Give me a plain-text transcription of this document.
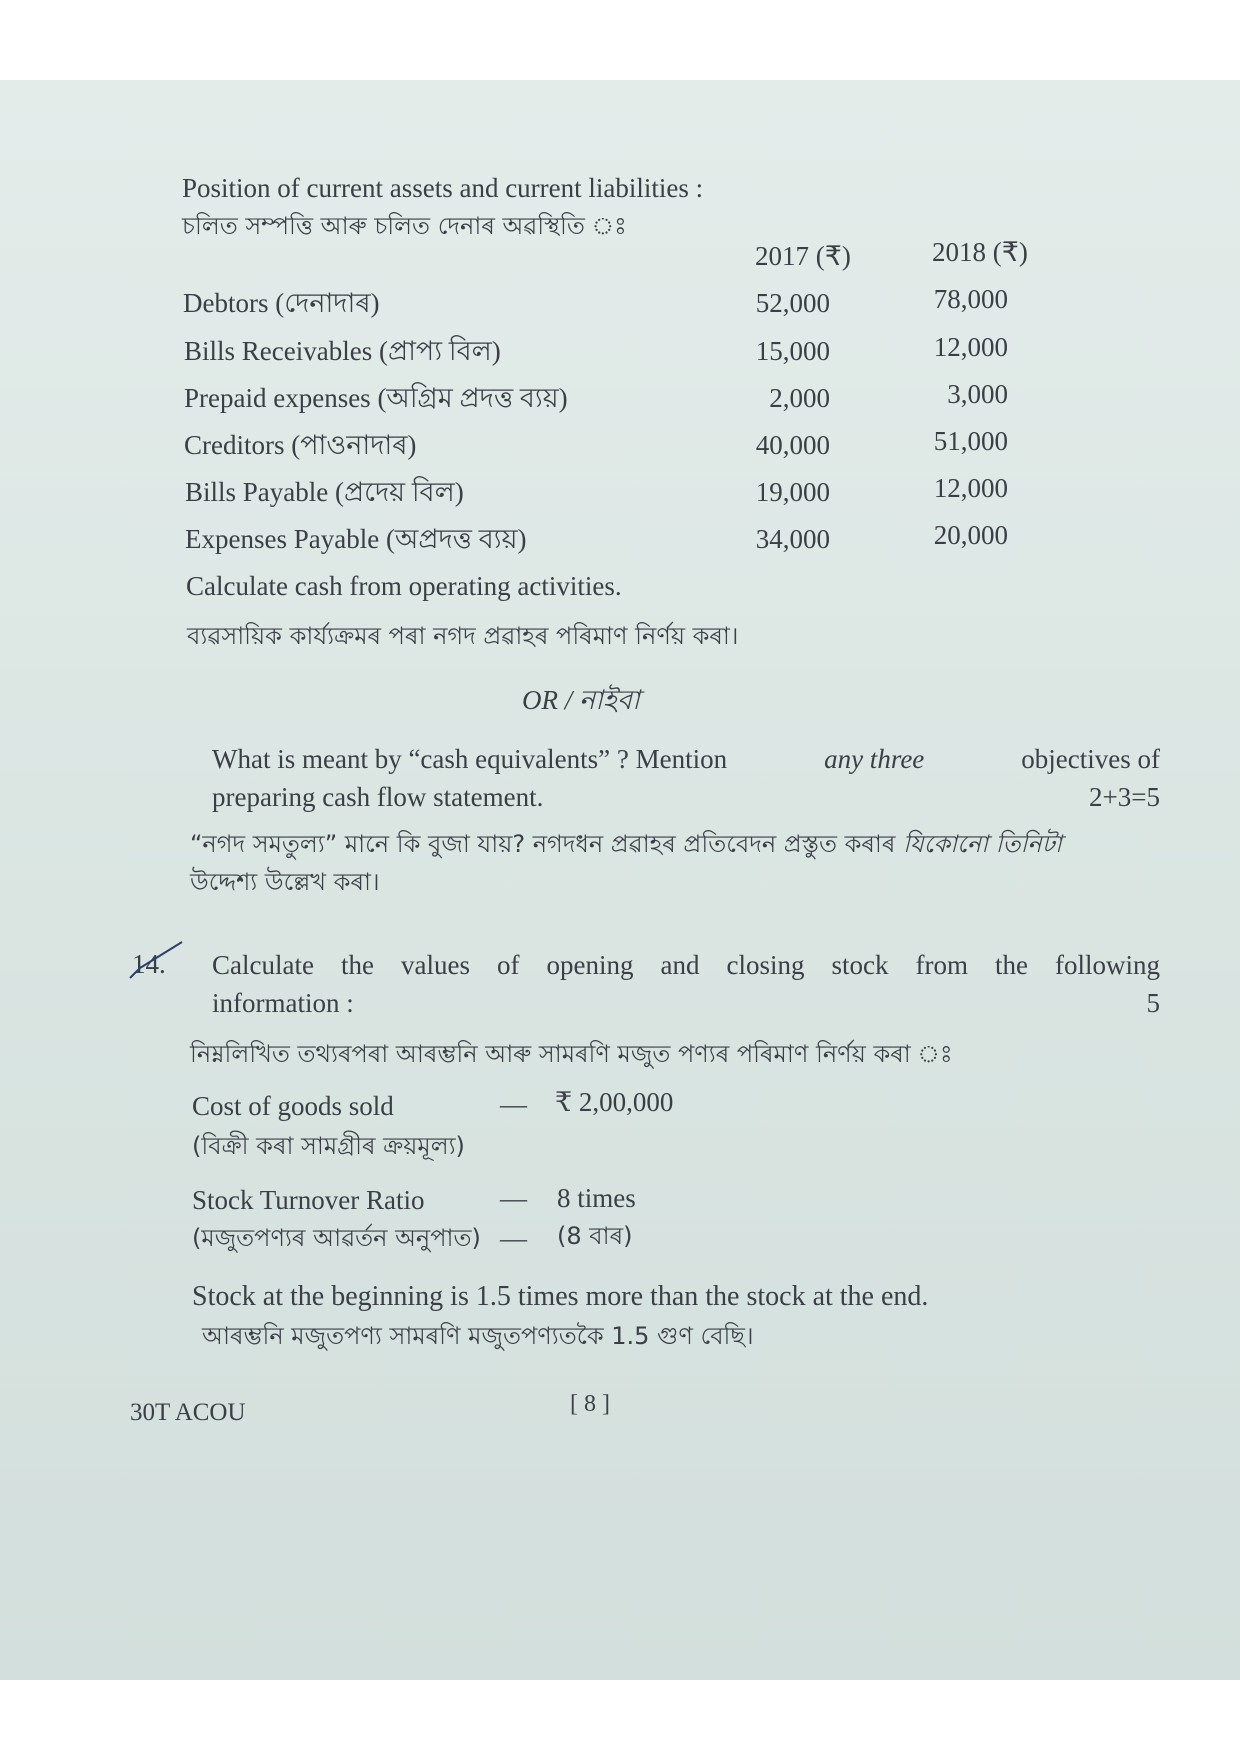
Position of current assets and current liabilities :
চলিত সম্পত্তি আৰু চলিত দেনাৰ অৱস্থিতি ঃ
2017 (₹)	2018 (₹)
Debtors (দেনাদাৰ)	52,000	78,000
Bills Receivables (প্ৰাপ্য বিল)	15,000	12,000
Prepaid expenses (অগ্ৰিম প্ৰদত্ত ব্যয়)	2,000	3,000
Creditors (পাওনাদাৰ)	40,000	51,000
Bills Payable (প্ৰদেয় বিল)	19,000	12,000
Expenses Payable (অপ্ৰদত্ত ব্যয়)	34,000	20,000
Calculate cash from operating activities.
ব্যৱসায়িক কাৰ্য্যক্ৰমৰ পৰা নগদ প্ৰৱাহৰ পৰিমাণ নিৰ্ণয় কৰা।
OR / নাইবা
What is meant by “cash equivalents” ? Mention	any three	objectives of
preparing cash flow statement.	2+3=5
“নগদ সমতুল্য” মানে কি বুজা যায়? নগদধন প্ৰৱাহৰ প্ৰতিবেদন প্ৰস্তুত কৰাৰ যিকোনো তিনিটা
উদ্দেশ্য উল্লেখ কৰা।
14. Calculate the values of opening and closing stock from the following
information :	5
নিম্নলিখিত তথ্যৰপৰা আৰম্ভনি আৰু সামৰণি মজুত পণ্যৰ পৰিমাণ নিৰ্ণয় কৰা ঃ
Cost of goods sold	— ₹ 2,00,000
(বিক্ৰী কৰা সামগ্ৰীৰ ক্ৰয়মূল্য)
Stock Turnover Ratio	— 8 times
(মজুতপণ্যৰ আৱৰ্তন অনুপাত) — (8 বাৰ)
Stock at the beginning is 1.5 times more than the stock at the end.
আৰম্ভনি মজুতপণ্য সামৰণি মজুতপণ্যতকৈ 1.5 গুণ বেছি।
30T ACOU	[ 8 ]
